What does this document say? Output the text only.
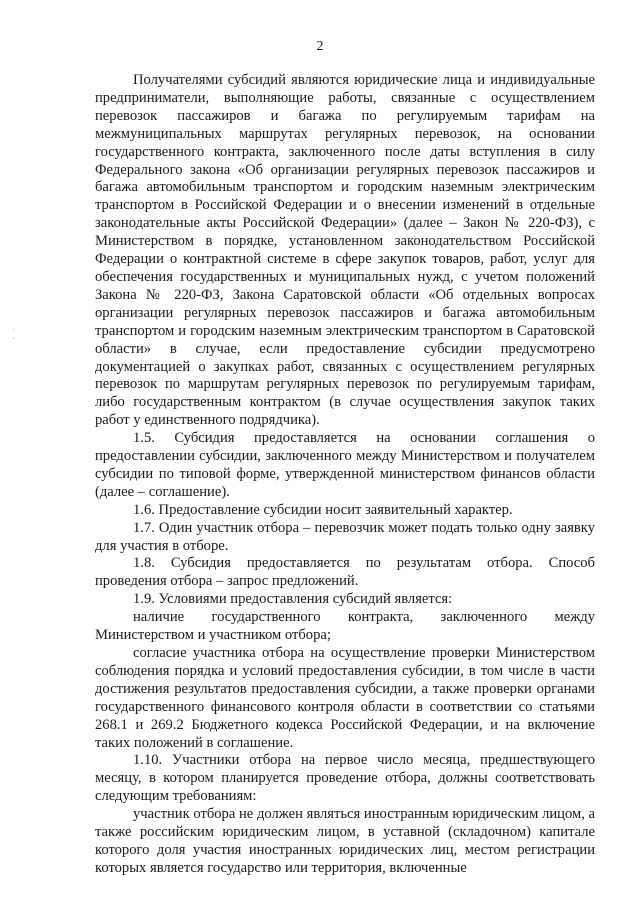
2
·
·

Получателями субсидий являются юридические лица и индивидуальные предприниматели, выполняющие работы, связанные с осуществлением перевозок пассажиров и багажа по регулируемым тарифам на межмуниципальных маршрутах регулярных перевозок, на основании государственного контракта, заключенного после даты вступления в силу Федерального закона «Об организации регулярных перевозок пассажиров и багажа автомобильным транспортом и городским наземным электрическим транспортом в Российской Федерации и о внесении изменений в отдельные законодательные акты Российской Федерации» (далее – Закон № 220-ФЗ), с Министерством в порядке, установленном законодательством Российской Федерации о контрактной системе в сфере закупок товаров, работ, услуг для обеспечения государственных и муниципальных нужд, с учетом положений Закона № 220-ФЗ, Закона Саратовской области «Об отдельных вопросах организации регулярных перевозок пассажиров и багажа автомобильным транспортом и городским наземным электрическим транспортом в Саратовской области» в случае, если предоставление субсидии предусмотрено документацией о закупках работ, связанных с осуществлением регулярных перевозок по маршрутам регулярных перевозок по регулируемым тарифам, либо государственным контрактом (в случае осуществления закупок таких работ у единственного подрядчика).

1.5. Субсидия предоставляется на основании соглашения о предоставлении субсидии, заключенного между Министерством и получателем субсидии по типовой форме, утвержденной министерством финансов области (далее – соглашение).

1.6. Предоставление субсидии носит заявительный характер.

1.7. Один участник отбора – перевозчик может подать только одну заявку для участия в отборе.

1.8. Субсидия предоставляется по результатам отбора. Способ проведения отбора – запрос предложений.

1.9. Условиями предоставления субсидий является:

наличие государственного контракта, заключенного между Министерством и участником отбора;

согласие участника отбора на осуществление проверки Министерством соблюдения порядка и условий предоставления субсидии, в том числе в части достижения результатов предоставления субсидии, а также проверки органами государственного финансового контроля области в соответствии со статьями 268.1 и 269.2 Бюджетного кодекса Российской Федерации, и на включение таких положений в соглашение.

1.10. Участники отбора на первое число месяца, предшествующего месяцу, в котором планируется проведение отбора, должны соответствовать следующим требованиям:

участник отбора не должен являться иностранным юридическим лицом, а также российским юридическим лицом, в уставной (складочном) капитале которого доля участия иностранных юридических лиц, местом регистрации которых является государство или территория, включенные
